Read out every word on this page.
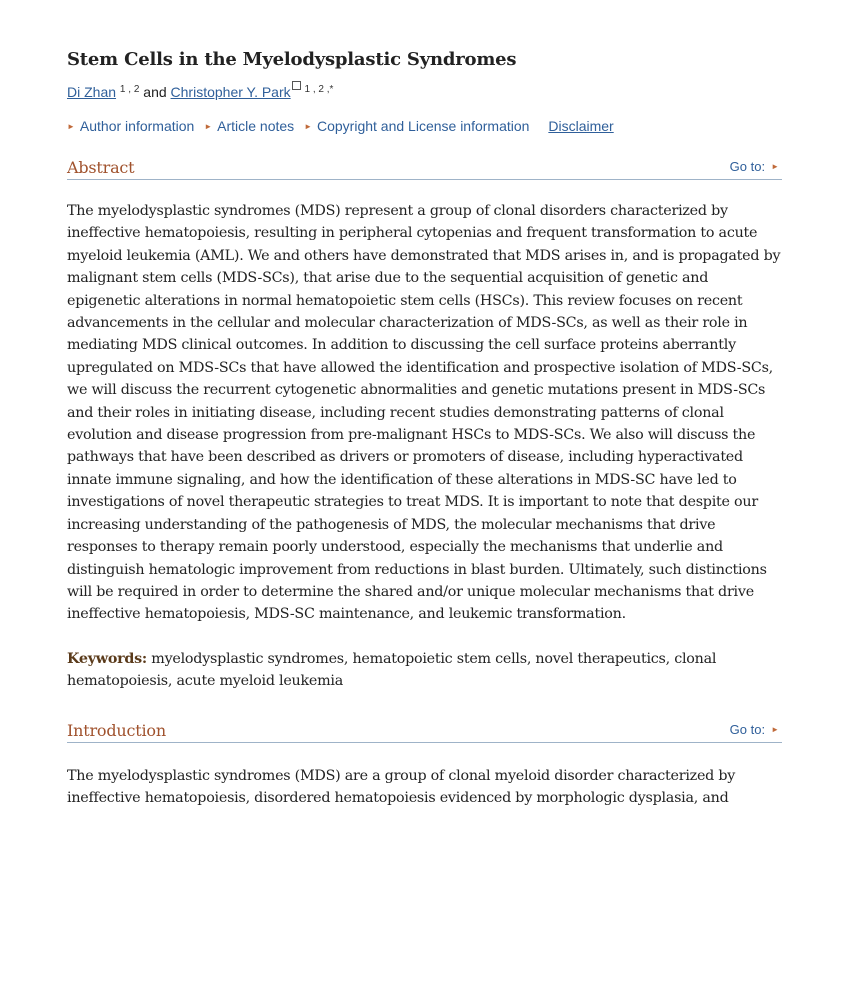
Stem Cells in the Myelodysplastic Syndromes
Di Zhan $^{1 , 2}$ and Christopher Y. Park $^{1 , 2 ,*}$
► Author information ► Article notes ► Copyright and License information Disclaimer
Abstract	Go to: ►

The myelodysplastic syndromes (MDS) represent a group of clonal disorders characterized by ineffective hematopoiesis, resulting in peripheral cytopenias and frequent transformation to acute myeloid leukemia (AML). We and others have demonstrated that MDS arises in, and is propagated by malignant stem cells (MDS-SCs), that arise due to the sequential acquisition of genetic and epigenetic alterations in normal hematopoietic stem cells (HSCs). This review focuses on recent advancements in the cellular and molecular characterization of MDS-SCs, as well as their role in mediating MDS clinical outcomes. In addition to discussing the cell surface proteins aberrantly upregulated on MDS-SCs that have allowed the identification and prospective isolation of MDS-SCs, we will discuss the recurrent cytogenetic abnormalities and genetic mutations present in MDS-SCs and their roles in initiating disease, including recent studies demonstrating patterns of clonal evolution and disease progression from pre-malignant HSCs to MDS-SCs. We also will discuss the pathways that have been described as drivers or promoters of disease, including hyperactivated innate immune signaling, and how the identification of these alterations in MDS-SC have led to investigations of novel therapeutic strategies to treat MDS. It is important to note that despite our increasing understanding of the pathogenesis of MDS, the molecular mechanisms that drive responses to therapy remain poorly understood, especially the mechanisms that underlie and distinguish hematologic improvement from reductions in blast burden. Ultimately, such distinctions will be required in order to determine the shared and/or unique molecular mechanisms that drive ineffective hematopoiesis, MDS-SC maintenance, and leukemic transformation.

Keywords: myelodysplastic syndromes, hematopoietic stem cells, novel therapeutics, clonal hematopoiesis, acute myeloid leukemia

Introduction	Go to: ►

The myelodysplastic syndromes (MDS) are a group of clonal myeloid disorder characterized by ineffective hematopoiesis, disordered hematopoiesis evidenced by morphologic dysplasia, and
